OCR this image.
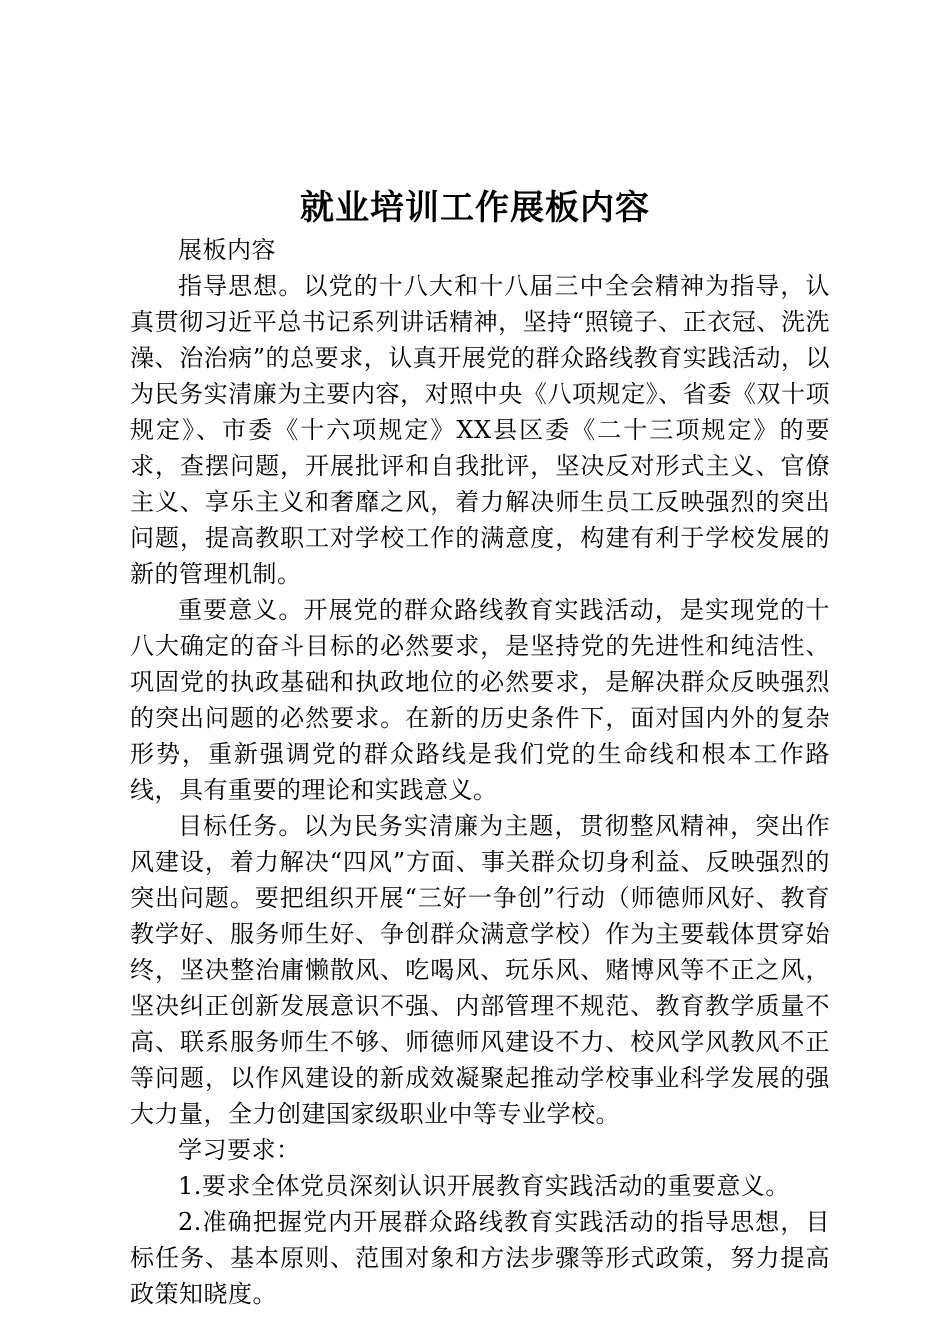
就业培训工作展板内容

展板内容

指导思想。以党的十八大和十八届三中全会精神为指导，认真贯彻习近平总书记系列讲话精神，坚持“照镜子、正衣冠、洗洗澡、治治病”的总要求，认真开展党的群众路线教育实践活动，以为民务实清廉为主要内容，对照中央《八项规定》、省委《双十项规定》、市委《十六项规定》XX县区委《二十三项规定》的要求，查摆问题，开展批评和自我批评，坚决反对形式主义、官僚主义、享乐主义和奢靡之风，着力解决师生员工反映强烈的突出问题，提高教职工对学校工作的满意度，构建有利于学校发展的新的管理机制。

重要意义。开展党的群众路线教育实践活动，是实现党的十八大确定的奋斗目标的必然要求，是坚持党的先进性和纯洁性、巩固党的执政基础和执政地位的必然要求，是解决群众反映强烈的突出问题的必然要求。在新的历史条件下，面对国内外的复杂形势，重新强调党的群众路线是我们党的生命线和根本工作路线，具有重要的理论和实践意义。

目标任务。以为民务实清廉为主题，贯彻整风精神，突出作风建设，着力解决“四风”方面、事关群众切身利益、反映强烈的突出问题。要把组织开展“三好一争创”行动（师德师风好、教育教学好、服务师生好、争创群众满意学校）作为主要载体贯穿始终，坚决整治庸懒散风、吃喝风、玩乐风、赌博风等不正之风，坚决纠正创新发展意识不强、内部管理不规范、教育教学质量不高、联系服务师生不够、师德师风建设不力、校风学风教风不正等问题，以作风建设的新成效凝聚起推动学校事业科学发展的强大力量，全力创建国家级职业中等专业学校。

学习要求：

1.要求全体党员深刻认识开展教育实践活动的重要意义。

2.准确把握党内开展群众路线教育实践活动的指导思想，目标任务、基本原则、范围对象和方法步骤等形式政策，努力提高政策知晓度。
